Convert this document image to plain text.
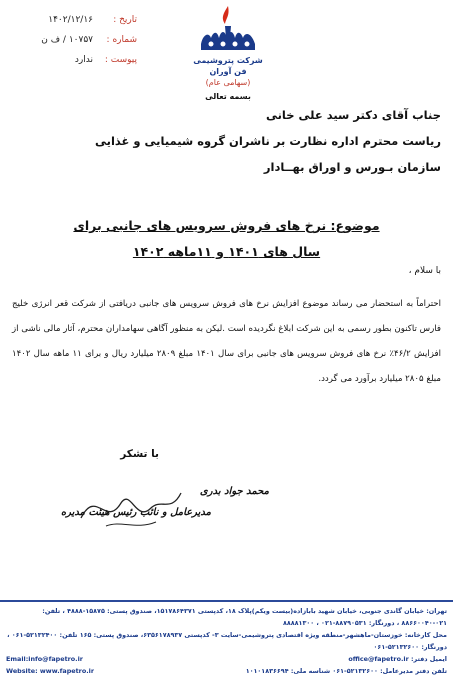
تاریخ :
۱۴۰۲/۱۲/۱۶
شماره :
۱۰۷۵۷ / ف ن
پیوست :
ندارد	شرکت پتروشیمی فن آوران
(سهامی عام)
بسمه تعالی
جناب آقای دکتر سید علی خانی
ریاست محترم اداره نظارت بر ناشران گروه شیمیایی و غذایی
سازمان بـورس و اوراق بهــادار
موضوع: نرخ های فروش سرویس های جانبی برای
سال های ۱۴۰۱ و ۱۱ماهه ۱۴۰۲
با سلام ،
احتراماً به استحضار می رساند موضوع افزایش نرخ های فروش سرویس های جانبی دریافتی از شرکت قعر انرژی خلیج فارس تاکنون بطور رسمی به این شرکت ابلاغ نگردیده است .لیکن به منظور آگاهی سهامداران محترم، آثار مالی ناشی از افزایش ۴۶/۲٪ نرخ های فروش سرویس های جانبی برای سال ۱۴۰۱ مبلغ ۲۸۰۹ میلیارد ریال و برای ۱۱ ماهه سال ۱۴۰۲ مبلغ ۲۸۰۵ میلیارد برآورد می گردد.
با تشکر
محمد جواد بدری
مدیرعامل و نائب رئیس هیئت مدیره
تهران: خیابان گاندی جنوبی، خیابان شهید بابازاده(بیست ویکم)پلاک ۱۸، کدپستی ۱۵۱۷۸۶۴۳۷۱، صندوق پستی: ۱۵۸۷۵-۴۸۸۸ ، تلفن: ۰۲۱-۸۸۶۶۰۰۴۰ ، دورنگار: ۸۸۷۹۰۵۳۱-۰۲۱ ، ۸۸۸۸۱۳۰۰
محل کارخانه: خوزستان-ماهشهر-منطقه ویژه اقتصادی پتروشیمی-سایت ۳- کدپستی ۶۳۵۶۱۷۸۹۳۷، صندوق پستی: ۱۶۵ تلفن: ۵۲۱۳۲۴۰۰-۰۶۱ ، دورنگار: ۵۲۱۳۲۶۰۰-۰۶۱
Email:info@fapetro.ir	office@fapetro.ir :ایمیل دفتر
Website: www.fapetro.ir	تلفن دفتر مدیرعامل: ۵۲۱۳۲۶۰۰-۰۶۱ شناسه ملی: ۱۰۱۰۱۸۳۶۶۹۴
